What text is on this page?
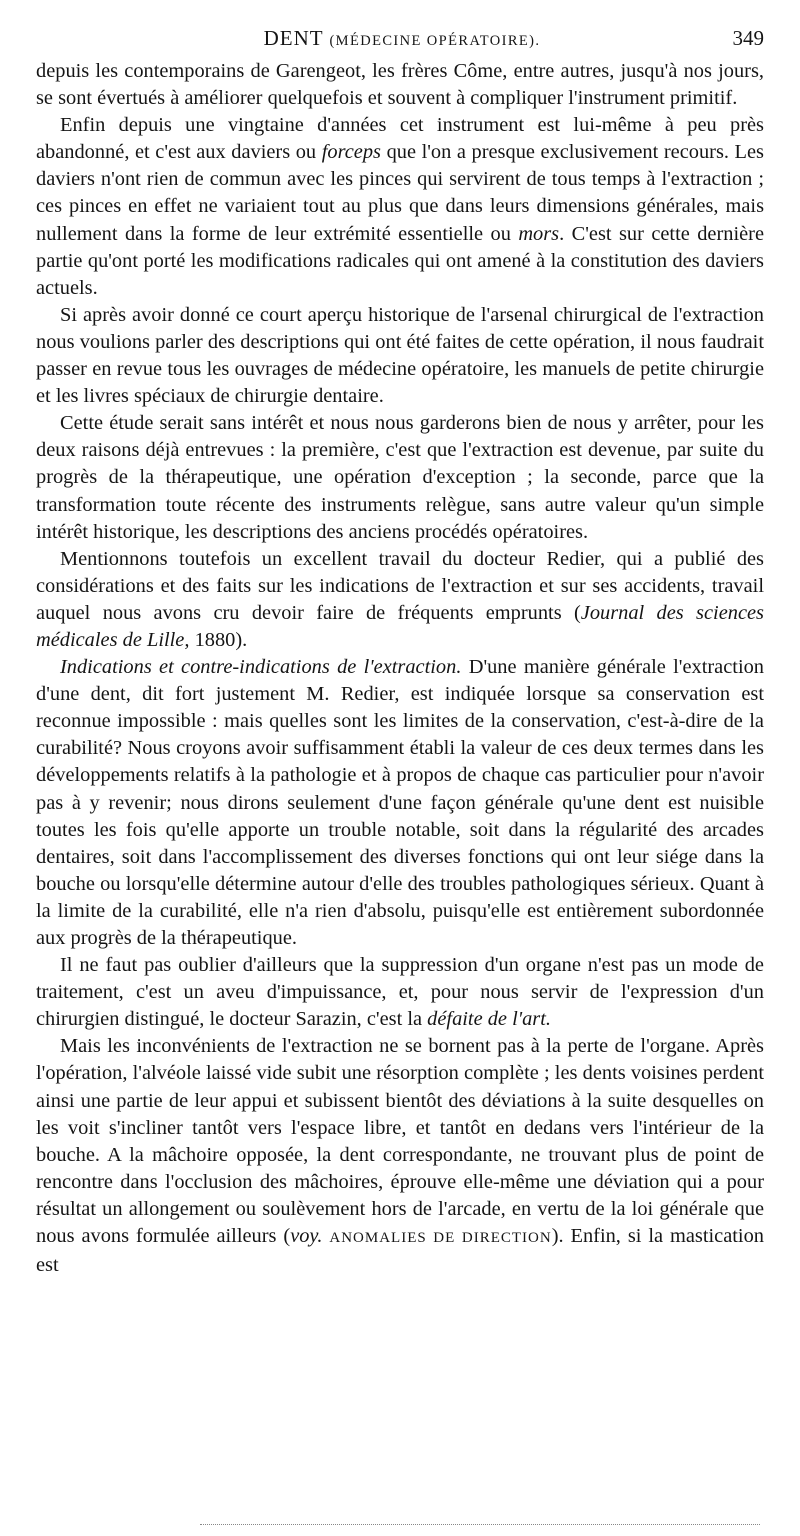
DENT (MÉDECINE OPÉRATOIRE).	349

depuis les contemporains de Garengeot, les frères Côme, entre autres, jusqu'à nos jours, se sont évertués à améliorer quelquefois et souvent à compliquer l'instrument primitif.

Enfin depuis une vingtaine d'années cet instrument est lui-même à peu près abandonné, et c'est aux daviers ou forceps que l'on a presque exclusivement recours. Les daviers n'ont rien de commun avec les pinces qui servirent de tous temps à l'extraction ; ces pinces en effet ne variaient tout au plus que dans leurs dimensions générales, mais nullement dans la forme de leur extrémité essentielle ou mors. C'est sur cette dernière partie qu'ont porté les modifications radicales qui ont amené à la constitution des daviers actuels.

Si après avoir donné ce court aperçu historique de l'arsenal chirurgical de l'extraction nous voulions parler des descriptions qui ont été faites de cette opération, il nous faudrait passer en revue tous les ouvrages de médecine opératoire, les manuels de petite chirurgie et les livres spéciaux de chirurgie dentaire.

Cette étude serait sans intérêt et nous nous garderons bien de nous y arrêter, pour les deux raisons déjà entrevues : la première, c'est que l'extraction est devenue, par suite du progrès de la thérapeutique, une opération d'exception ; la seconde, parce que la transformation toute récente des instruments relègue, sans autre valeur qu'un simple intérêt historique, les descriptions des anciens procédés opératoires.

Mentionnons toutefois un excellent travail du docteur Redier, qui a publié des considérations et des faits sur les indications de l'extraction et sur ses accidents, travail auquel nous avons cru devoir faire de fréquents emprunts (Journal des sciences médicales de Lille, 1880).

Indications et contre-indications de l'extraction. D'une manière générale l'extraction d'une dent, dit fort justement M. Redier, est indiquée lorsque sa conservation est reconnue impossible : mais quelles sont les limites de la conservation, c'est-à-dire de la curabilité? Nous croyons avoir suffisamment établi la valeur de ces deux termes dans les développements relatifs à la pathologie et à propos de chaque cas particulier pour n'avoir pas à y revenir; nous dirons seulement d'une façon générale qu'une dent est nuisible toutes les fois qu'elle apporte un trouble notable, soit dans la régularité des arcades dentaires, soit dans l'accomplissement des diverses fonctions qui ont leur siége dans la bouche ou lorsqu'elle détermine autour d'elle des troubles pathologiques sérieux. Quant à la limite de la curabilité, elle n'a rien d'absolu, puisqu'elle est entièrement subordonnée aux progrès de la thérapeutique.

Il ne faut pas oublier d'ailleurs que la suppression d'un organe n'est pas un mode de traitement, c'est un aveu d'impuissance, et, pour nous servir de l'expression d'un chirurgien distingué, le docteur Sarazin, c'est la défaite de l'art.

Mais les inconvénients de l'extraction ne se bornent pas à la perte de l'organe. Après l'opération, l'alvéole laissé vide subit une résorption complète ; les dents voisines perdent ainsi une partie de leur appui et subissent bientôt des déviations à la suite desquelles on les voit s'incliner tantôt vers l'espace libre, et tantôt en dedans vers l'intérieur de la bouche. A la mâchoire opposée, la dent correspondante, ne trouvant plus de point de rencontre dans l'occlusion des mâchoires, éprouve elle-même une déviation qui a pour résultat un allongement ou soulèvement hors de l'arcade, en vertu de la loi générale que nous avons formulée ailleurs (voy. ANOMALIES DE DIRECTION). Enfin, si la mastication est
